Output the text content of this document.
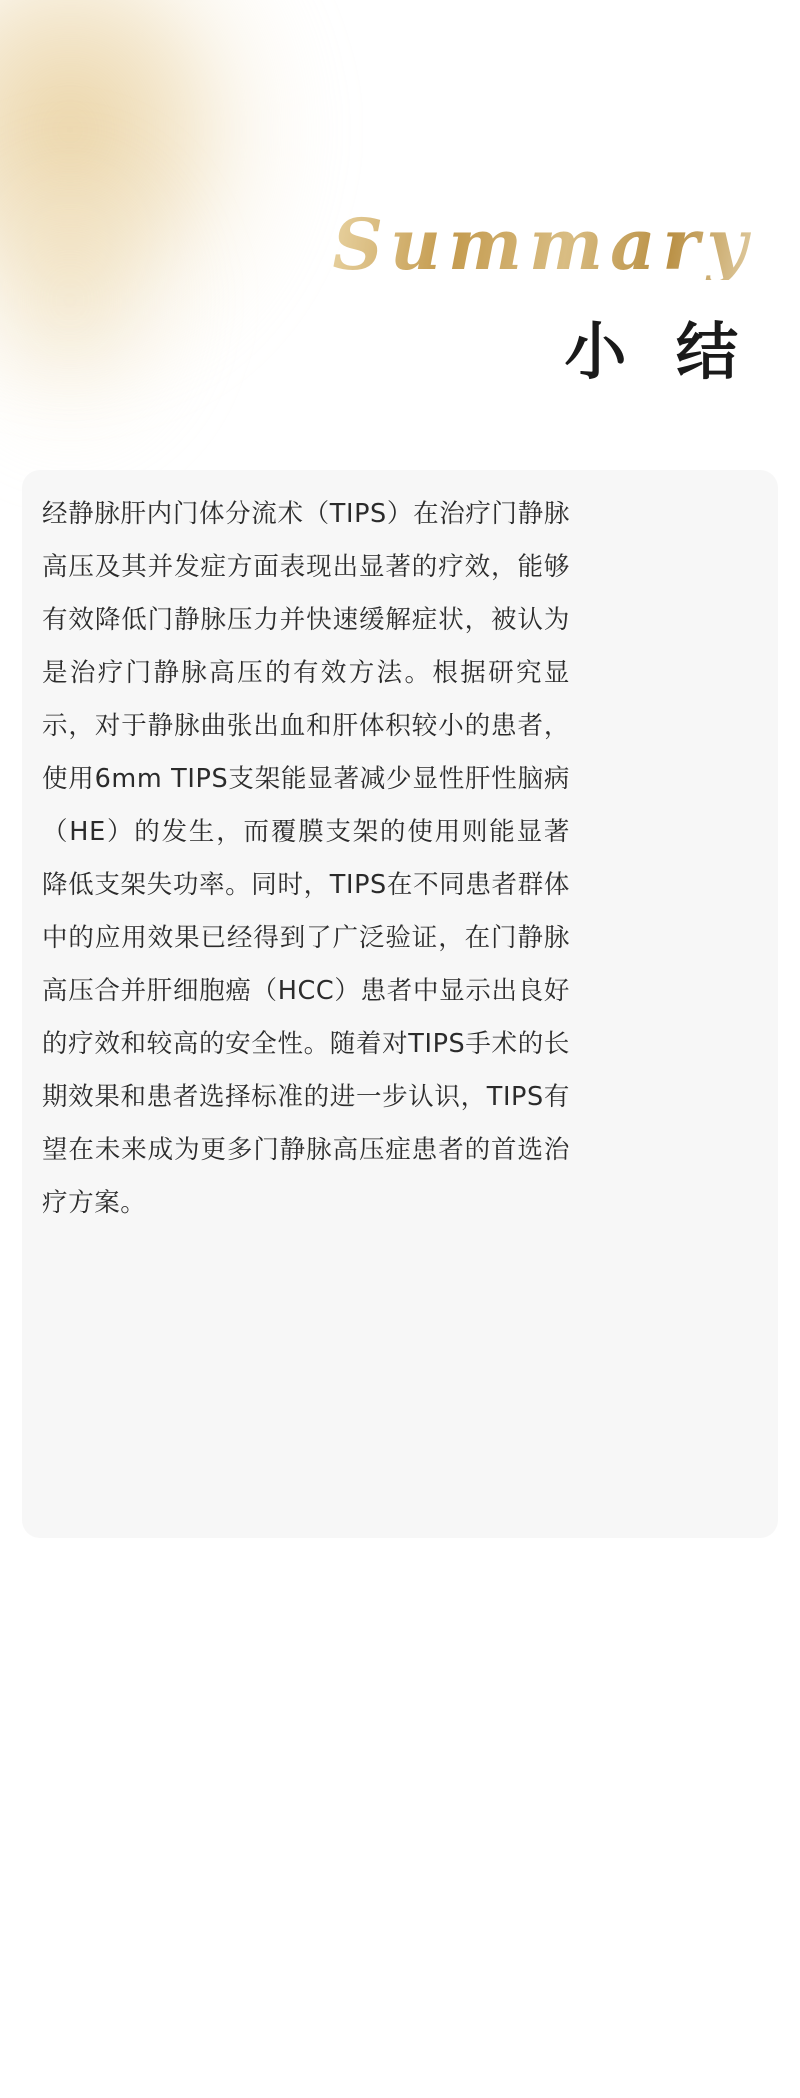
Summary
小 结
经静脉肝内门体分流术（TIPS）在治疗门静脉高压及其并发症方面表现出显著的疗效，能够有效降低门静脉压力并快速缓解症状，被认为是治疗门静脉高压的有效方法。根据研究显示，对于静脉曲张出血和肝体积较小的患者，使用6mm TIPS支架能显著减少显性肝性脑病（HE）的发生，而覆膜支架的使用则能显著降低支架失功率。同时，TIPS在不同患者群体中的应用效果已经得到了广泛验证，在门静脉高压合并肝细胞癌（HCC）患者中显示出良好的疗效和较高的安全性。随着对TIPS手术的长期效果和患者选择标准的进一步认识，TIPS有望在未来成为更多门静脉高压症患者的首选治疗方案。
